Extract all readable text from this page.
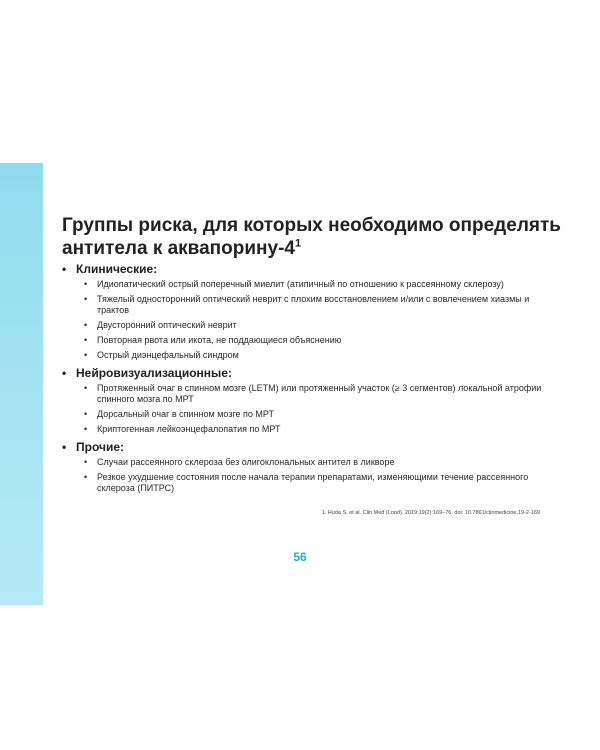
Группы риска, для которых необходимо определять антитела к аквапорину-$4^1$
• Клинические:
•	Идиопатический острый поперечный миелит (атипичный по отношению к рассеянному склерозу)
•	Тяжелый односторонний оптический неврит с плохим восстановлением и/или с вовлечением хиазмы и трактов
•	Двусторонний оптический неврит
•	Повторная рвота или икота, не поддающиеся объяснению
•	Острый диэнцефальный синдром
• Нейровизуализационные:
•	Протяженный очаг в спинном мозге (LETM) или протяженный участок (≥ 3 сегментов) локальной атрофии спинного мозга по МРТ
•	Дорсальный очаг в спинном мозге по МРТ
•	Криптогенная лейкоэнцефалопатия по МРТ
• Прочие:
•	Случаи рассеянного склероза без олигоклональных антител в ликворе
•	Резкое ухудшение состояния после начала терапии препаратами, изменяющими течение рассеянного склероза (ПИТРС)
1. Huda S, et al. Clin Med (Lond). 2019;19(2):169–76. doi: 10.7861/clinmedicine.19-2-169
56
